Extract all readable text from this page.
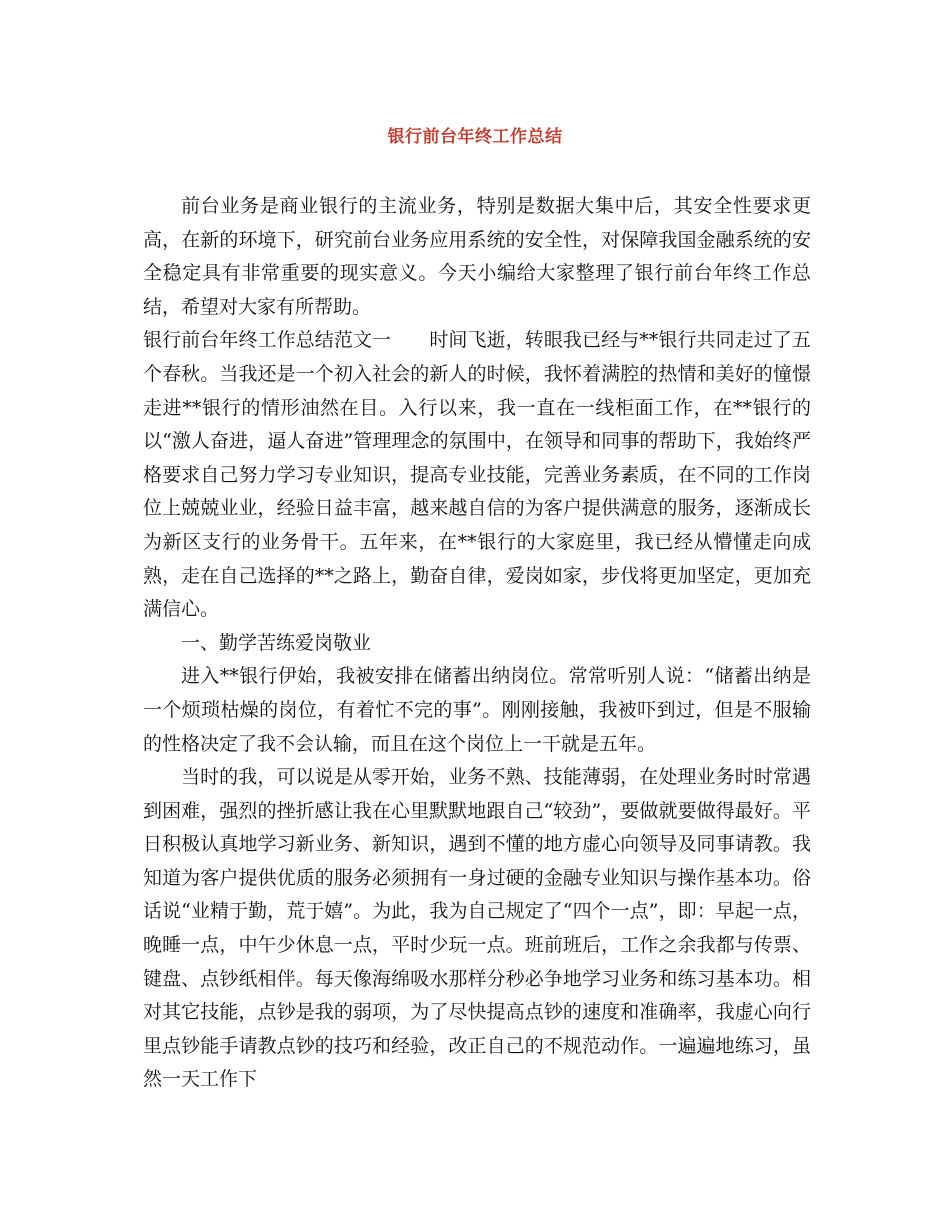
银行前台年终工作总结

前台业务是商业银行的主流业务，特别是数据大集中后，其安全性要求更高，在新的环境下，研究前台业务应用系统的安全性，对保障我国金融系统的安全稳定具有非常重要的现实意义。今天小编给大家整理了银行前台年终工作总结，希望对大家有所帮助。

银行前台年终工作总结范文一　　时间飞逝，转眼我已经与**银行共同走过了五个春秋。当我还是一个初入社会的新人的时候，我怀着满腔的热情和美好的憧憬走进**银行的情形油然在目。入行以来，我一直在一线柜面工作，在**银行的以“激人奋进，逼人奋进”管理理念的氛围中，在领导和同事的帮助下，我始终严格要求自己努力学习专业知识，提高专业技能，完善业务素质，在不同的工作岗位上兢兢业业，经验日益丰富，越来越自信的为客户提供满意的服务，逐渐成长为新区支行的业务骨干。五年来，在**银行的大家庭里，我已经从懵懂走向成熟，走在自己选择的**之路上，勤奋自律，爱岗如家，步伐将更加坚定，更加充满信心。

一、勤学苦练爱岗敬业

进入**银行伊始，我被安排在储蓄出纳岗位。常常听别人说：“储蓄出纳是一个烦琐枯燥的岗位，有着忙不完的事”。刚刚接触，我被吓到过，但是不服输的性格决定了我不会认输，而且在这个岗位上一干就是五年。

当时的我，可以说是从零开始，业务不熟、技能薄弱，在处理业务时时常遇到困难，强烈的挫折感让我在心里默默地跟自己“较劲”，要做就要做得最好。平日积极认真地学习新业务、新知识，遇到不懂的地方虚心向领导及同事请教。我知道为客户提供优质的服务必须拥有一身过硬的金融专业知识与操作基本功。俗话说“业精于勤，荒于嬉”。为此，我为自己规定了“四个一点”，即：早起一点，晚睡一点，中午少休息一点，平时少玩一点。班前班后，工作之余我都与传票、键盘、点钞纸相伴。每天像海绵吸水那样分秒必争地学习业务和练习基本功。相对其它技能，点钞是我的弱项，为了尽快提高点钞的速度和准确率，我虚心向行里点钞能手请教点钞的技巧和经验，改正自己的不规范动作。一遍遍地练习，虽然一天工作下
